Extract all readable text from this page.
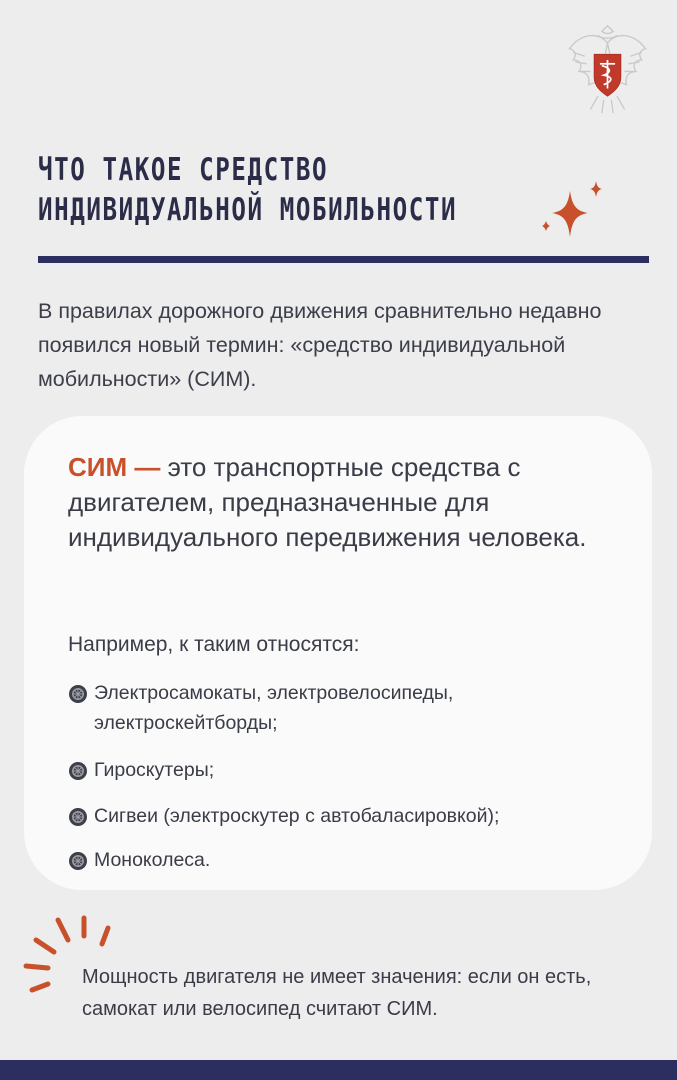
ЧТО ТАКОЕ СРЕДСТВО
ИНДИВИДУАЛЬНОЙ МОБИЛЬНОСТИ

В правилах дорожного движения сравнительно недавно появился новый термин: «средство индивидуальной мобильности» (СИМ).

СИМ — это транспортные средства с двигателем, предназначенные для индивидуального передвижения человека.

Например, к таким относятся:

Электросамокаты, электровелосипеды, электроскейтборды;
Гироскутеры;
Сигвеи (электроскутер с автобаласировкой);
Моноколеса.

Мощность двигателя не имеет значения: если он есть, самокат или велосипед считают СИМ.
